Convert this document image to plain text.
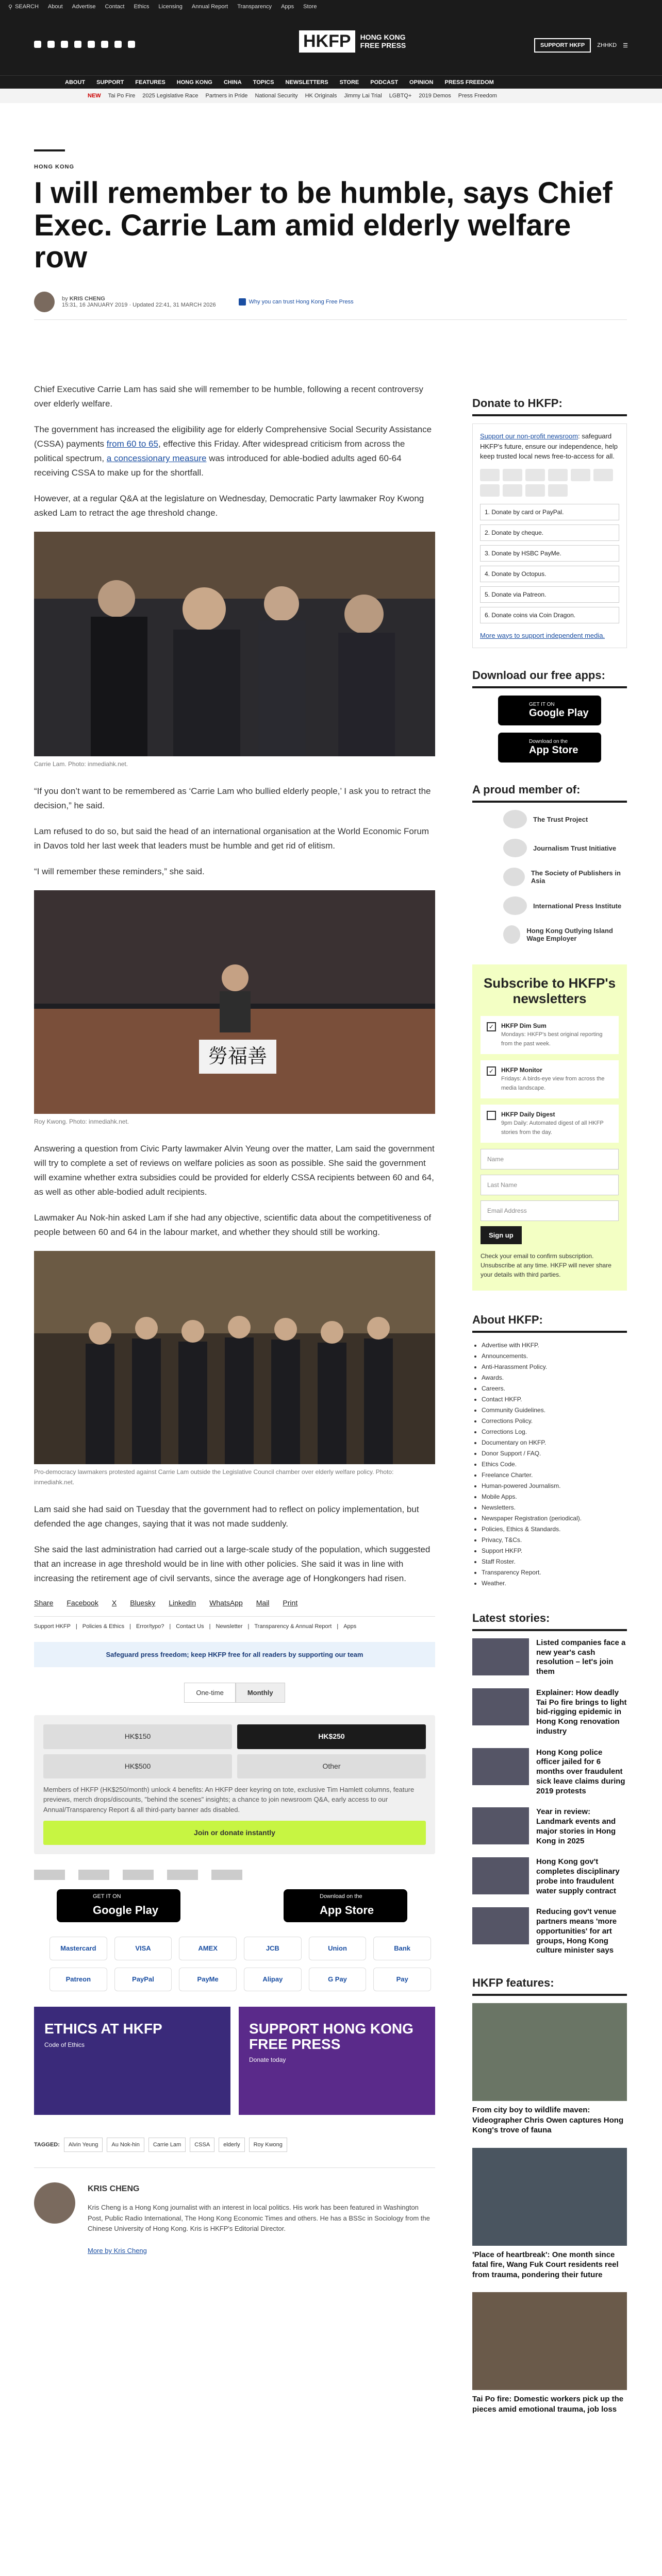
⚲ SEARCH About Advertise Contact Ethics Licensing Annual Report Transparency Apps Store
HKFP	HONG KONG
FREE PRESS	SUPPORT HKFP	ZHHKD ☰
ABOUT SUPPORT FEATURES HONG KONG CHINA TOPICS NEWSLETTERS STORE PODCAST OPINION PRESS FREEDOM
NEW Tai Po Fire 2025 Legislative Race Partners in Pride National Security HK Originals Jimmy Lai Trial LGBTQ+ 2019 Demos Press Freedom
HONG KONG
I will remember to be humble, says Chief Exec. Carrie Lam amid elderly welfare row
by KRIS CHENG
15:31, 16 JANUARY 2019 · Updated 22:41, 31 MARCH 2026	Why you can trust Hong Kong Free Press

Chief Executive Carrie Lam has said she will remember to be humble, following a recent controversy over elderly welfare.

The government has increased the eligibility age for elderly Comprehensive Social Security Assistance (CSSA) payments from 60 to 65, effective this Friday. After widespread criticism from across the political spectrum, a concessionary measure was introduced for able-bodied adults aged 60-64 receiving CSSA to make up for the shortfall.

However, at a regular Q&A at the legislature on Wednesday, Democratic Party lawmaker Roy Kwong asked Lam to retract the age threshold change.

Carrie Lam. Photo: inmediahk.net.

“If you don’t want to be remembered as ‘Carrie Lam who bullied elderly people,’ I ask you to retract the decision,” he said.

Lam refused to do so, but said the head of an international organisation at the World Economic Forum in Davos told her last week that leaders must be humble and get rid of elitism.

“I will remember these reminders,” she said.

勞福善
Roy Kwong. Photo: inmediahk.net.

Answering a question from Civic Party lawmaker Alvin Yeung over the matter, Lam said the government will try to complete a set of reviews on welfare policies as soon as possible. She said the government will examine whether extra subsidies could be provided for elderly CSSA recipients between 60 and 64, as well as other able-bodied adult recipients.

Lawmaker Au Nok-hin asked Lam if she had any objective, scientific data about the competitiveness of people between 60 and 64 in the labour market, and whether they should still be working.

Pro-democracy lawmakers protested against Carrie Lam outside the Legislative Council chamber over elderly welfare policy. Photo: inmediahk.net.

Lam said she had said on Tuesday that the government had to reflect on policy implementation, but defended the age changes, saying that it was not made suddenly.

She said the last administration had carried out a large-scale study of the population, which suggested that an increase in age threshold would be in line with other policies. She said it was in line with increasing the retirement age of civil servants, since the average age of Hongkongers had risen.

Share Facebook X Bluesky LinkedIn WhatsApp Mail Print
Support HKFP | Policies & Ethics | Error/typo? | Contact Us | Newsletter | Transparency & Annual Report | Apps
Safeguard press freedom; keep HKFP free for all readers by supporting our team
One-time	Monthly
HK$150	HK$250
HK$500	Other
Members of HKFP (HK$250/month) unlock 4 benefits: An HKFP deer keyring on tote, exclusive Tim Hamlett columns, feature previews, merch drops/discounts, "behind the scenes" insights; a chance to join newsroom Q&A, early access to our Annual/Transparency Report & all third-party banner ads disabled.
Join or donate instantly
GET IT ON
Google Play
Download on the
App Store
Mastercard	VISA	AMEX	JCB	Union	Bank
Patreon	PayPal	PayMe	Alipay	G Pay	Pay
ETHICS AT HKFP
Code of Ethics
SUPPORT HONG KONG FREE PRESS
Donate today
TAGGED:	Alvin Yeung	Au Nok-hin	Carrie Lam	CSSA	elderly	Roy Kwong
KRIS CHENG

Kris Cheng is a Hong Kong journalist with an interest in local politics. His work has been featured in Washington Post, Public Radio International, The Hong Kong Economic Times and others. He has a BSSc in Sociology from the Chinese University of Hong Kong. Kris is HKFP's Editorial Director.

More by Kris Cheng

Donate to HKFP:

Support our non-profit newsroom: safeguard HKFP's future, ensure our independence, help keep trusted local news free-to-access for all.

1. Donate by card or PayPal.
2. Donate by cheque.
3. Donate by HSBC PayMe.
4. Donate by Octopus.
5. Donate via Patreon.
6. Donate coins via Coin Dragon.

More ways to support independent media.

Download our free apps:
GET IT ON
Google Play
Download on the
App Store
A proud member of:
The Trust Project
Journalism Trust Initiative
The Society of Publishers in Asia
International Press Institute
Hong Kong Outlying Island Wage Employer
Subscribe to HKFP's newsletters
✓	HKFP Dim Sum
Mondays: HKFP's best original reporting from the past week.
✓	HKFP Monitor
Fridays: A birds-eye view from across the media landscape.
HKFP Daily Digest
9pm Daily: Automated digest of all HKFP stories from the day.
Name
Last Name
Email Address
Sign up
Check your email to confirm subscription. Unsubscribe at any time. HKFP will never share your details with third parties.
About HKFP:
• Advertise with HKFP.
• Announcements.
• Anti-Harassment Policy.
• Awards.
• Careers.
• Contact HKFP.
• Community Guidelines.
• Corrections Policy.
• Corrections Log.
• Documentary on HKFP.
• Donor Support / FAQ.
• Ethics Code.
• Freelance Charter.
• Human-powered Journalism.
• Mobile Apps.
• Newsletters.
• Newspaper Registration (periodical).
• Policies, Ethics & Standards.
• Privacy, T&Cs.
• Support HKFP.
• Staff Roster.
• Transparency Report.
• Weather.
Latest stories:
Listed companies face a new year's cash resolution – let's join them
Explainer: How deadly Tai Po fire brings to light bid-rigging epidemic in Hong Kong renovation industry
Hong Kong police officer jailed for 6 months over fraudulent sick leave claims during 2019 protests
Year in review: Landmark events and major stories in Hong Kong in 2025
Hong Kong gov't completes disciplinary probe into fraudulent water supply contract
Reducing gov't venue partners means 'more opportunities' for art groups, Hong Kong culture minister says
HKFP features:
From city boy to wildlife maven: Videographer Chris Owen captures Hong Kong's trove of fauna
'Place of heartbreak': One month since fatal fire, Wang Fuk Court residents reel from trauma, pondering their future
Tai Po fire: Domestic workers pick up the pieces amid emotional trauma, job loss
